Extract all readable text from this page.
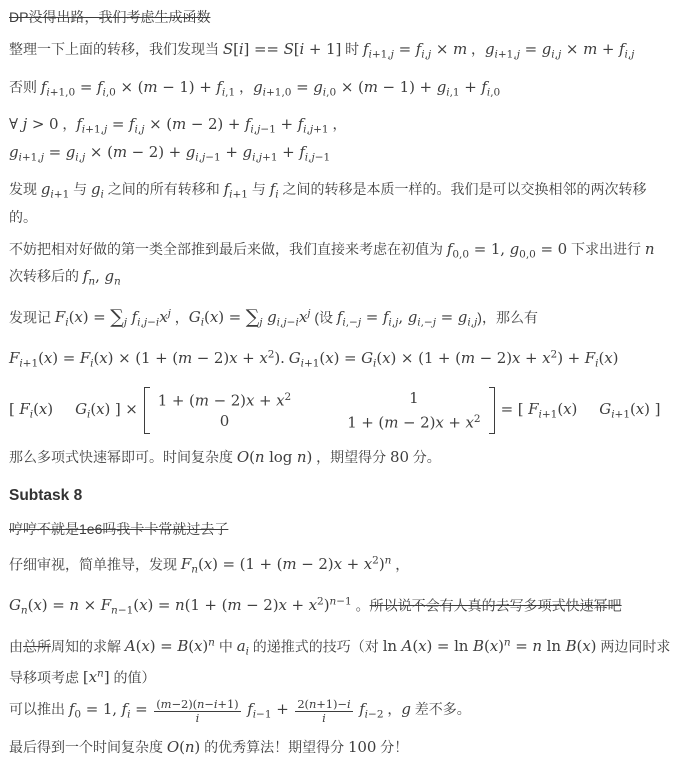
DP没得出路，我们考虑生成函数

整理一下上面的转移，我们发现当 S[i] == S[i + 1] 时 $f_{i+1,j} = f_{i,j} \times m$ ，$g_{i+1,j} = g_{i,j} \times m + f_{i,j}$

否则 $f_{i+1,0} = f_{i,0} \times (m - 1) + f_{i,1}$ ，$g_{i+1,0} = g_{i,0} \times (m - 1) + g_{i,1} + f_{i,0}$

∀ j > 0 ，$f_{i+1,j} = f_{i,j} \times (m - 2) + f_{i,j-1} + f_{i,j+1}$ ，
$g_{i+1,j} = g_{i,j} \times (m - 2) + g_{i,j-1} + g_{i,j+1} + f_{i,j-1}$

发现 $g_{i+1}$ 与 $g_i$ 之间的所有转移和 $f_{i+1}$ 与 $f_i$ 之间的转移是本质一样的。我们是可以交换相邻的两次转移的。

不妨把相对好做的第一类全部推到最后来做，我们直接来考虑在初值为 $f_{0,0} = 1$, $g_{0,0} = 0$ 下求出进行 n 次转移后的 $f_n$, $g_n$

发现记 $F_i(x) = \sum_j$ $f_{i,j-i}x^j$ ，$G_i(x) = \sum_j$ $g_{i,j-i}x^j$ (设 $f_{i,-j} = f_{i,j}$, $g_{i,-j} = g_{i,j}$)，那么有

$F_{i+1}(x) = F_i(x) \times (1 + (m - 2)x + x^2)$. $G_{i+1}(x) = G_i(x) \times (1 + (m - 2)x + x^2) + F_i(x)$

[ $F_i(x)$  $G_i(x)$ ] × $1 + (m - 2)x + x^2$	1
0	$1 + (m - 2)x + x^2$
= [ $F_{i+1}(x)$  $G_{i+1}(x)$ ]

那么多项式快速幂即可。时间复杂度 O(n log n) ，期望得分 80 分。

Subtask 8

哼哼不就是1e6吗我卡卡常就过去了

仔细审视，简单推导，发现 $F_n(x) = (1 + (m - 2)x + x^2)^n$ ，

$G_n(x) = n \times F_{n-1}(x) = n(1 + (m - 2)x + x^2)^{n-1}$ 。所以说不会有人真的去写多项式快速幂吧

由总所周知的求解 $A(x) = B(x)^n$ 中 $a_i$ 的递推式的技巧（对 $\ln A(x) = \ln B(x)^n = n$ ln B(x) 两边同时求导移项考虑 $[x^n]$ 的值）

可以推出 $f_0 = 1$, $f_i = \frac{(m-2)(n-i+1)}{i} f_{i-1} + \frac{2(n+1)-i}{i} f_{i-2}$ ，g 差不多。

最后得到一个时间复杂度 O(n) 的优秀算法！期望得分 100 分！
